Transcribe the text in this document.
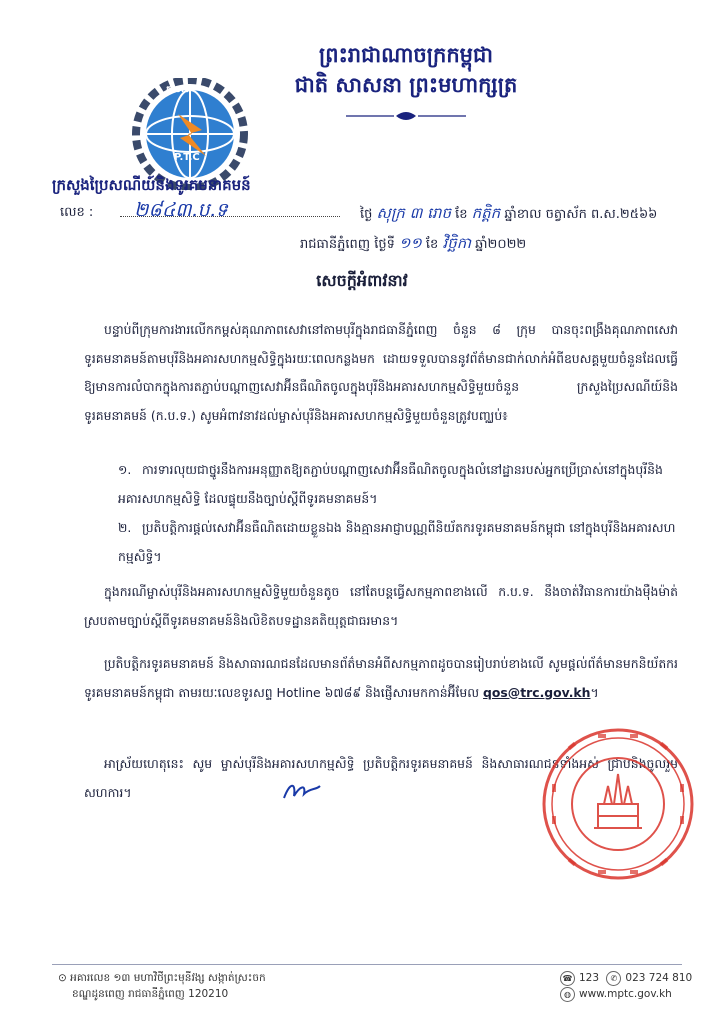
ក.ប.ទ
P.T.C
ព្រះរាជាណាចក្រកម្ពុជា
ជាតិ សាសនា ព្រះមហាក្សត្រ
ក្រសួងប្រៃសណីយ៍និងទូរគមនាគមន៍
លេខ : ២៨៤៣.ប.ទ	ថ្ងៃ សុក្រ ៣ រោច ខែ កត្តិក ឆ្នាំខាល ចត្វាស័ក ព.ស.២៥៦៦
រាជធានីភ្នំពេញ ថ្ងៃទី ១១ ខែ វិច្ឆិកា ឆ្នាំ២០២២
សេចក្តីអំពាវនាវ
បន្ទាប់ពីក្រុមការងារលើកកម្ពស់គុណភាពសេវានៅតាមបុរីក្នុងរាជធានីភ្នំពេញ ចំនួន ៨ ក្រុម បានចុះពង្រឹងគុណភាពសេវាទូរគមនាគមន៍តាមបុរីនិងអគារសហកម្មសិទ្ធិក្នុងរយៈពេលកន្លងមក ដោយទទួលបាននូវព័ត៌មានជាក់លាក់អំពីឧបសគ្គមួយចំនួនដែលធ្វើឱ្យមានការលំបាកក្នុងការតភ្ជាប់បណ្តាញសេវាអ៊ីនធឺណិតចូលក្នុងបុរីនិងអគារសហកម្មសិទ្ធិមួយចំនួន ក្រសួងប្រៃសណីយ៍និងទូរគមនាគមន៍ (ក.ប.ទ.) សូមអំពាវនាវដល់ម្ចាស់បុរីនិងអគារសហកម្មសិទ្ធិមួយចំនួនត្រូវបញ្ឈប់៖
១. ការទារលុយជាថ្នូរនឹងការអនុញ្ញាតឱ្យតភ្ជាប់បណ្តាញសេវាអ៊ីនធឺណិតចូលក្នុងលំនៅដ្ឋានរបស់អ្នកប្រើប្រាស់នៅក្នុងបុរីនិងអគារសហកម្មសិទ្ធិ ដែលផ្ទុយនឹងច្បាប់ស្តីពីទូរគមនាគមន៍។
២. ប្រតិបត្តិការផ្តល់សេវាអ៊ីនធឺណិតដោយខ្លួនឯង និងគ្មានអាជ្ញាបណ្ណពីនិយ័តករទូរគមនាគមន៍កម្ពុជា នៅក្នុងបុរីនិងអគារសហកម្មសិទ្ធិ។
ក្នុងករណីម្ចាស់បុរីនិងអគារសហកម្មសិទ្ធិមួយចំនួនតូច នៅតែបន្តធ្វើសកម្មភាពខាងលើ ក.ប.ទ. នឹងចាត់វិធានការយ៉ាងម៉ឺងម៉ាត់ ស្របតាមច្បាប់ស្តីពីទូរគមនាគមន៍និងលិខិតបទដ្ឋានគតិយុត្តជាធរមាន។
ប្រតិបត្តិករទូរគមនាគមន៍ និងសាធារណជនដែលមានព័ត៌មានអំពីសកម្មភាពដូចបានរៀបរាប់ខាងលើ សូមផ្តល់ព័ត៌មានមកនិយ័តករទូរគមនាគមន៍កម្ពុជា តាមរយៈលេខទូរសព្ទ Hotline ៦៧៨៩ និងផ្ញើសារមកកាន់អ៊ីមែល qos@trc.gov.kh។
អាស្រ័យហេតុនេះ សូម ម្ចាស់បុរីនិងអគារសហកម្មសិទ្ធិ ប្រតិបត្តិករទូរគមនាគមន៍ និងសាធារណជនទាំងអស់ ជ្រាបនិងចូលរួមសហការ។
⊙ អគារលេខ ១៣ មហាវិថីព្រះមុនីវង្ស សង្កាត់ស្រះចក
ខណ្ឌដូនពេញ រាជធានីភ្នំពេញ 120210
☎ 123 ✆ 023 724 810
◍ www.mptc.gov.kh
